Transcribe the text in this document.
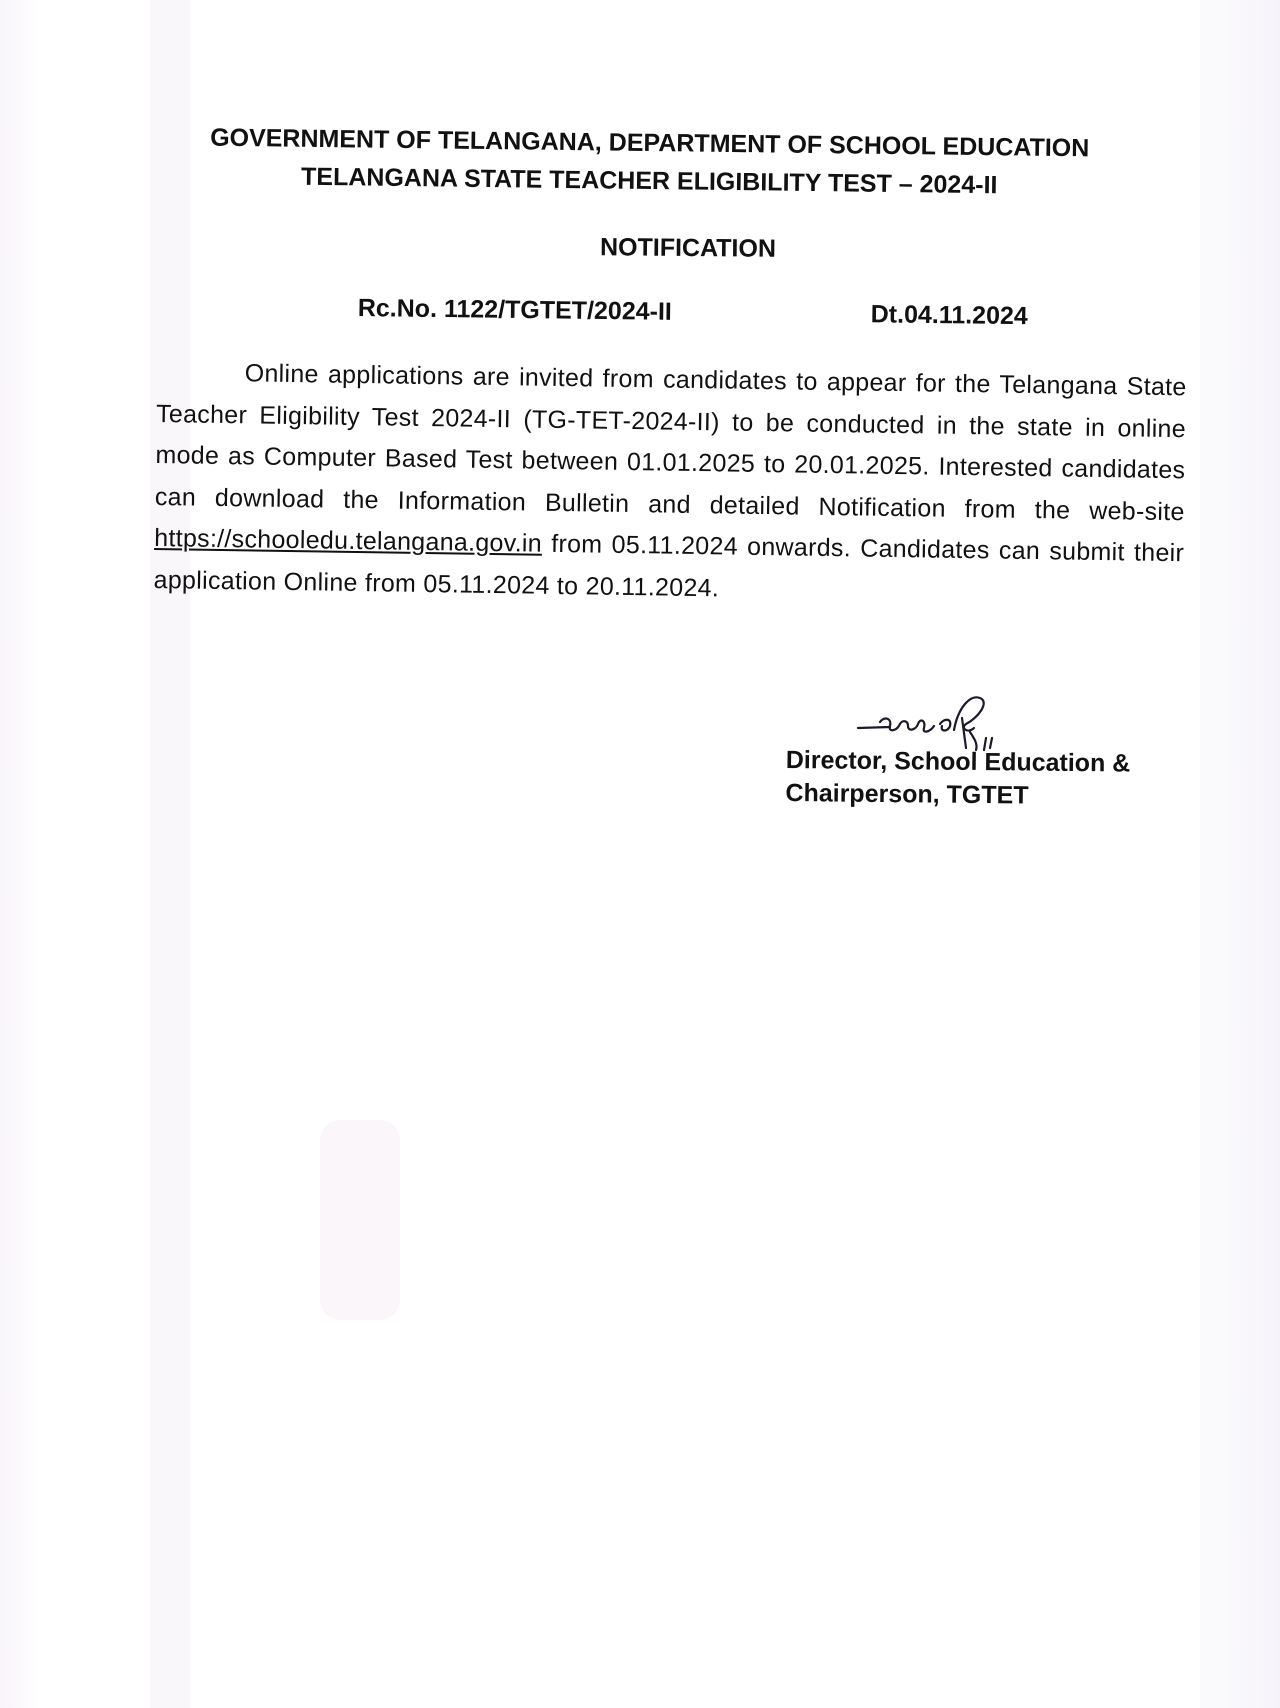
GOVERNMENT OF TELANGANA, DEPARTMENT OF SCHOOL EDUCATION
TELANGANA STATE TEACHER ELIGIBILITY TEST – 2024-II
NOTIFICATION
Rc.No. 1122/TGTET/2024-II	Dt.04.11.2024
Online applications are invited from candidates to appear for the Telangana State Teacher Eligibility Test 2024-II (TG-TET-2024-II) to be conducted in the state in online mode as Computer Based Test between 01.01.2025 to 20.01.2025. Interested candidates can download the Information Bulletin and detailed Notification from the web-site https://schooledu.telangana.gov.in from 05.11.2024 onwards. Candidates can submit their application Online from 05.11.2024 to 20.11.2024.
Director, School Education &
Chairperson, TGTET
